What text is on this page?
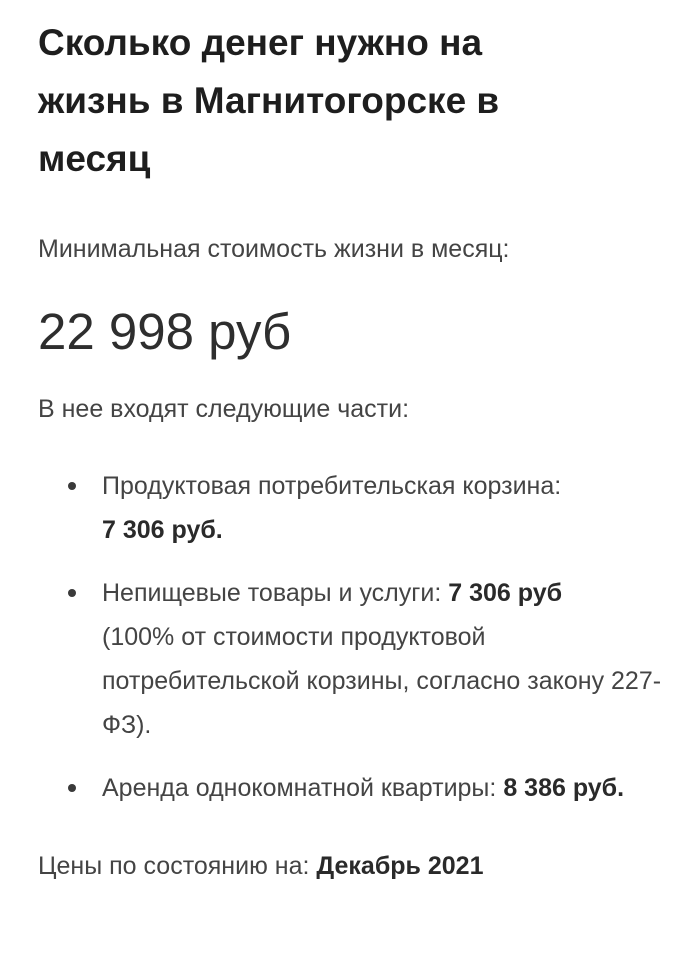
Сколько денег нужно на жизнь в Магнитогорске в месяц

Минимальная стоимость жизни в месяц:

22 998 руб

В нее входят следующие части:

Продуктовая потребительская корзина:
7 306 руб.
Непищевые товары и услуги: 7 306 руб
(100% от стоимости продуктовой потребительской корзины, согласно закону 227-ФЗ).
Аренда однокомнатной квартиры: 8 386 руб.

Цены по состоянию на: Декабрь 2021
